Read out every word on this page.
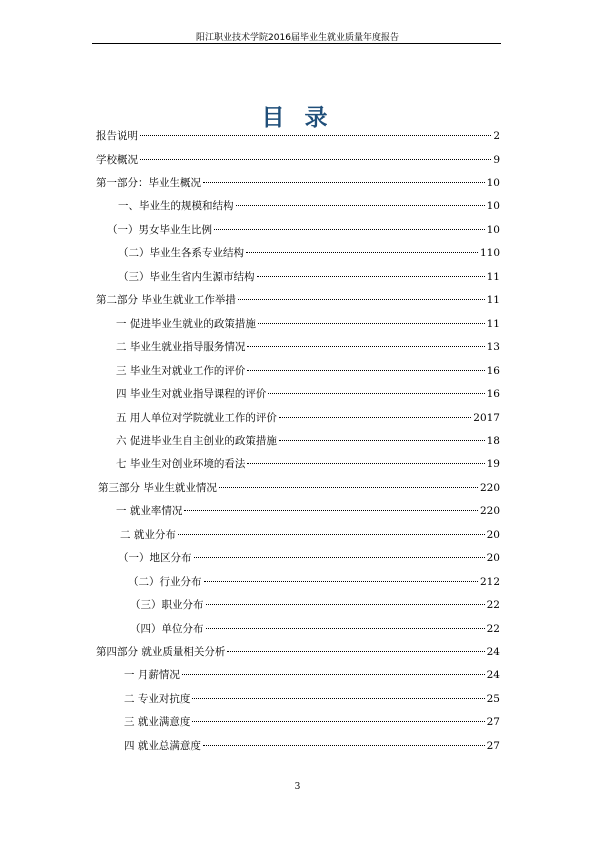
阳江职业技术学院2016届毕业生就业质量年度报告
目 录
报告说明	2
学校概况	9
第一部分：毕业生概况	10
一、毕业生的规模和结构	10
（一）男女毕业生比例	10
（二）毕业生各系专业结构	110
（三）毕业生省内生源市结构	11
第二部分 毕业生就业工作举措	11
一 促进毕业生就业的政策措施	11
二 毕业生就业指导服务情况	13
三 毕业生对就业工作的评价	16
四 毕业生对就业指导课程的评价	16
五 用人单位对学院就业工作的评价	2017
六 促进毕业生自主创业的政策措施	18
七 毕业生对创业环境的看法	19
第三部分 毕业生就业情况	220
一 就业率情况	220
二 就业分布	20
（一）地区分布	20
（二）行业分布	212
（三）职业分布	22
（四）单位分布	22
第四部分 就业质量相关分析	24
一 月薪情况	24
二 专业对抗度	25
三 就业满意度	27
四 就业总满意度	27
3
